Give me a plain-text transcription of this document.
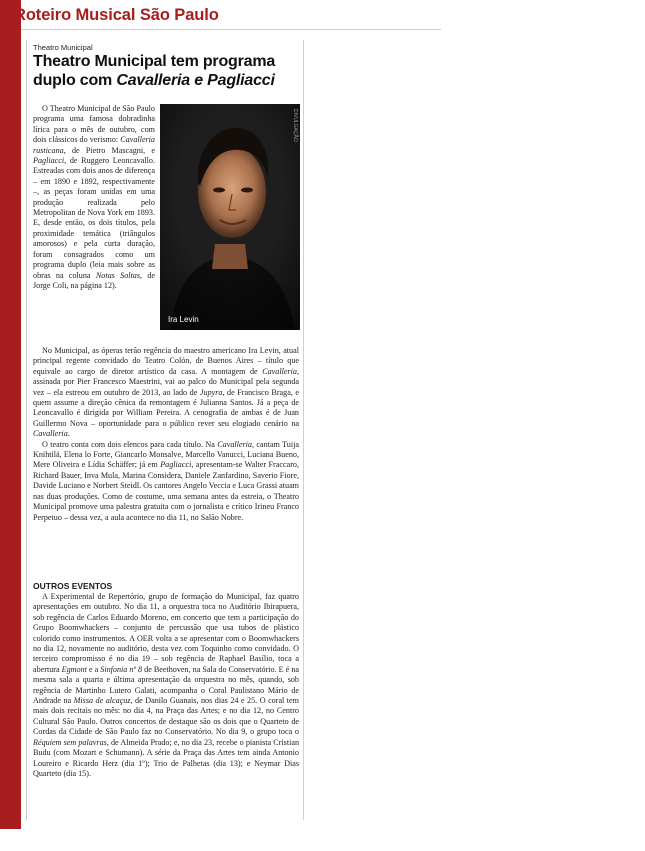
Roteiro Musical São Paulo

Theatro Municipal

Theatro Municipal tem programa duplo com Cavalleria e Pagliacci

O Theatro Municipal de São Paulo programa uma famosa dobradinha lírica para o mês de outubro, com dois clássicos do verismo: Cavalleria rusticana, de Pietro Mascagni, e Pagliacci, de Ruggero Leoncavallo. Estreadas com dois anos de diferença – em 1890 e 1892, respectivamente –, as peças foram unidas em uma produção realizada pelo Metropolitan de Nova York em 1893. E, desde então, os dois títulos, pela proximidade temática (triângulos amorosos) e pela curta duração, foram consagrados como um programa duplo (leia mais sobre as obras na coluna Notas Soltas, de Jorge Coli, na página 12).

DIVULGAÇÃO
Ira Levin

No Municipal, as óperas terão regência do maestro americano Ira Levin, atual principal regente convidado do Teatro Colón, de Buenos Aires – título que equivale ao cargo de diretor artístico da casa. A montagem de Cavalleria, assinada por Pier Francesco Maestrini, vai ao palco do Municipal pela segunda vez – ela estreou em outubro de 2013, ao lado de Jupyra, de Francisco Braga, e quem assume a direção cênica da remontagem é Julianna Santos. Já a peça de Leoncavallo é dirigida por William Pereira. A cenografia de ambas é de Juan Guillermo Nova – oportunidade para o público rever seu elogiado cenário na Cavalleria.

O teatro conta com dois elencos para cada título. Na Cavalleria, cantam Tuija Knihtilä, Elena lo Forte, Giancarlo Monsalve, Marcello Vanucci, Luciana Bueno, Mere Oliveira e Lídia Schäffer; já em Pagliacci, apresentam-se Walter Fraccaro, Richard Bauer, Inva Mula, Marina Considera, Daniele Zanfardino, Saverio Fiore, Davide Luciano e Norbert Steidl. Os cantores Angelo Veccia e Luca Grassi atuam nas duas produções. Como de costume, uma semana antes da estreia, o Theatro Municipal promove uma palestra gratuita com o jornalista e crítico Irineu Franco Perpetuo – dessa vez, a aula acontece no dia 11, no Salão Nobre.

OUTROS EVENTOS

A Experimental de Repertório, grupo de formação do Municipal, faz quatro apresentações em outubro. No dia 11, a orquestra toca no Auditório Ibirapuera, sob regência de Carlos Eduardo Moreno, em concerto que tem a participação do Grupo Boomwhackers – conjunto de percussão que usa tubos de plástico colorido como instrumentos. A OER volta a se apresentar com o Boomwhackers no dia 12, novamente no auditório, desta vez com Toquinho como convidado. O terceiro compromisso é no dia 19 – sob regência de Raphael Basílio, toca a abertura Egmont e a Sinfonia nº 8 de Beethoven, na Sala do Conservatório. E é na mesma sala a quarta e última apresentação da orquestra no mês, quando, sob regência de Martinho Lutero Galati, acompanha o Coral Paulistano Mário de Andrade na Missa de alcaçuz, de Danilo Guanais, nos dias 24 e 25. O coral tem mais dois recitais no mês: no dia 4, na Praça das Artes; e no dia 12, no Centro Cultural São Paulo. Outros concertos de destaque são os dois que o Quarteto de Cordas da Cidade de São Paulo faz no Conservatório. No dia 9, o grupo toca o Réquiem sem palavras, de Almeida Prado; e, no dia 23, recebe o pianista Cristian Budu (com Mozart e Schumann). A série da Praça das Artes tem ainda Antonio Loureiro e Ricardo Herz (dia 1º); Trio de Palhetas (dia 13); e Neymar Dias Quarteto (dia 15).
